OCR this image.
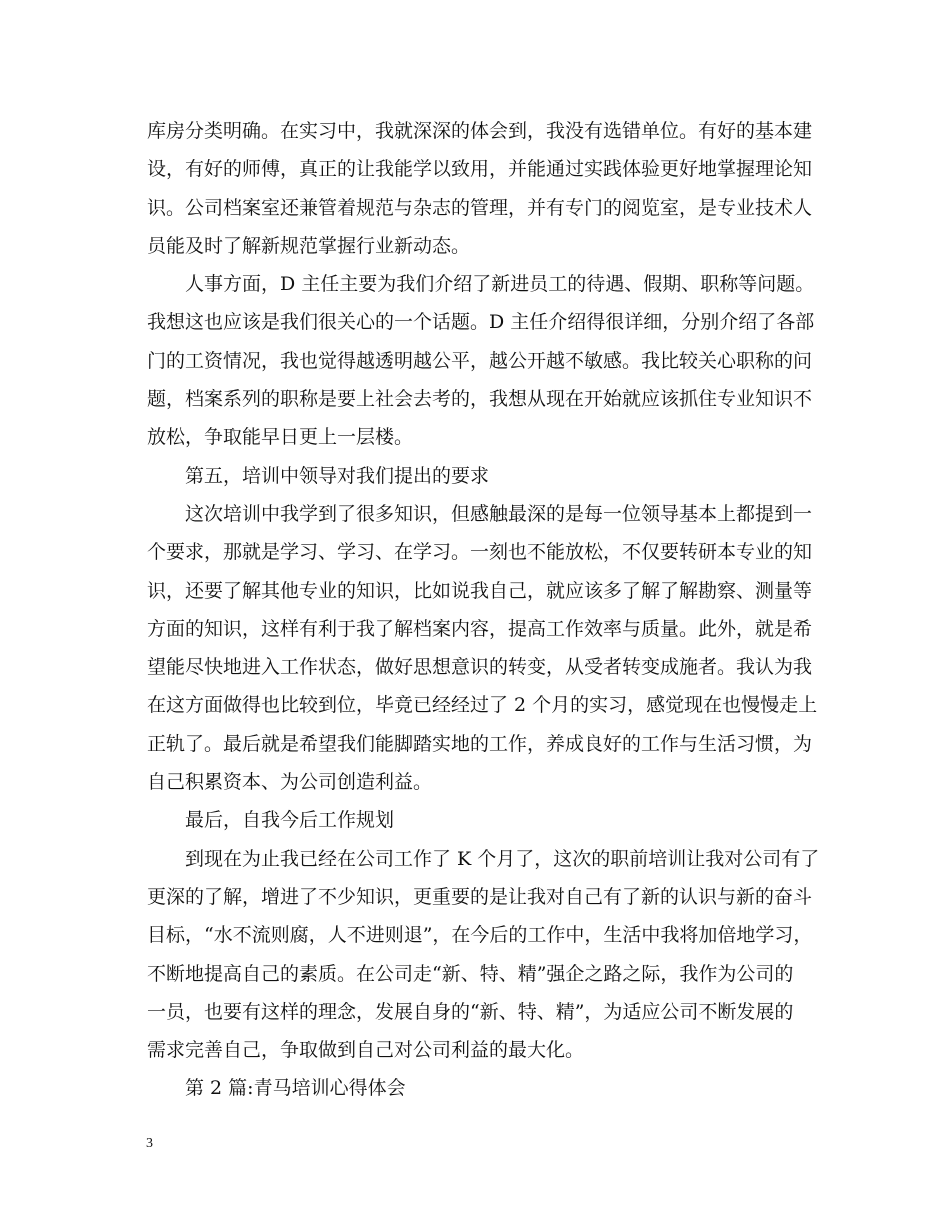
库房分类明确。在实习中，我就深深的体会到，我没有选错单位。有好的基本建
设，有好的师傅，真正的让我能学以致用，并能通过实践体验更好地掌握理论知
识。公司档案室还兼管着规范与杂志的管理，并有专门的阅览室，是专业技术人
员能及时了解新规范掌握行业新动态。

人事方面，D 主任主要为我们介绍了新进员工的待遇、假期、职称等问题。
我想这也应该是我们很关心的一个话题。D 主任介绍得很详细，分别介绍了各部
门的工资情况，我也觉得越透明越公平，越公开越不敏感。我比较关心职称的问
题，档案系列的职称是要上社会去考的，我想从现在开始就应该抓住专业知识不
放松，争取能早日更上一层楼。

第五，培训中领导对我们提出的要求

这次培训中我学到了很多知识，但感触最深的是每一位领导基本上都提到一
个要求，那就是学习、学习、在学习。一刻也不能放松，不仅要转研本专业的知
识，还要了解其他专业的知识，比如说我自己，就应该多了解了解勘察、测量等
方面的知识，这样有利于我了解档案内容，提高工作效率与质量。此外，就是希
望能尽快地进入工作状态，做好思想意识的转变，从受者转变成施者。我认为我
在这方面做得也比较到位，毕竟已经经过了 2 个月的实习，感觉现在也慢慢走上
正轨了。最后就是希望我们能脚踏实地的工作，养成良好的工作与生活习惯，为
自己积累资本、为公司创造利益。

最后，自我今后工作规划

到现在为止我已经在公司工作了 K 个月了，这次的职前培训让我对公司有了
更深的了解，增进了不少知识，更重要的是让我对自己有了新的认识与新的奋斗
目标，“水不流则腐，人不进则退”，在今后的工作中，生活中我将加倍地学习，
不断地提高自己的素质。在公司走“新、特、精”强企之路之际，我作为公司的
一员，也要有这样的理念，发展自身的“新、特、精”，为适应公司不断发展的
需求完善自己，争取做到自己对公司利益的最大化。

第 2 篇:青马培训心得体会

3
